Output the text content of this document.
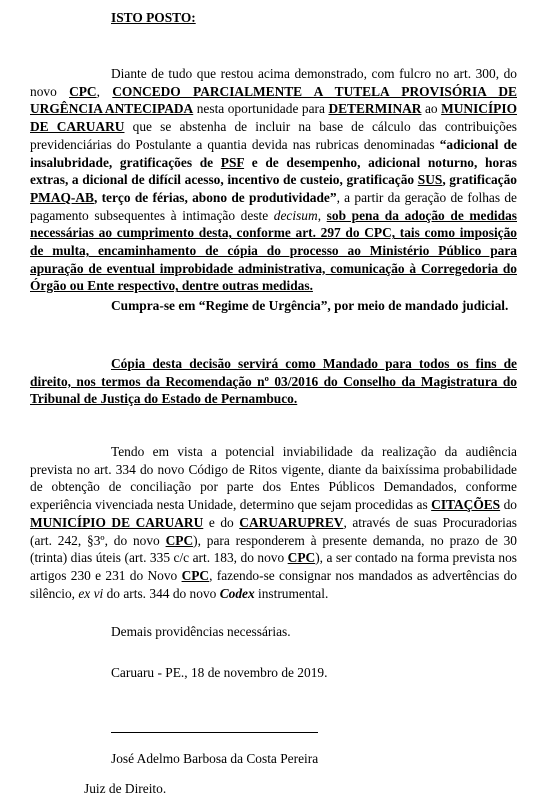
ISTO POSTO:

Diante de tudo que restou acima demonstrado, com fulcro no art. 300, do novo CPC, CONCEDO PARCIALMENTE A TUTELA PROVISÓRIA DE URGÊNCIA ANTECIPADA nesta oportunidade para DETERMINAR ao MUNICÍPIO DE CARUARU que se abstenha de incluir na base de cálculo das contribuições previdenciárias do Postulante a quantia devida nas rubricas denominadas “adicional de insalubridade, gratificações de PSF e de desempenho, adicional noturno, horas extras, a dicional de difícil acesso, incentivo de custeio, gratificação SUS, gratificação PMAQ-AB, terço de férias, abono de produtividade”, a partir da geração de folhas de pagamento subsequentes à intimação deste decisum, sob pena da adoção de medidas necessárias ao cumprimento desta, conforme art. 297 do CPC, tais como imposição de multa, encaminhamento de cópia do processo ao Ministério Público para apuração de eventual improbidade administrativa, comunicação à Corregedoria do Órgão ou Ente respectivo, dentre outras medidas.

Cumpra-se em “Regime de Urgência”, por meio de mandado judicial.

Cópia desta decisão servirá como Mandado para todos os fins de direito, nos termos da Recomendação nº 03/2016 do Conselho da Magistratura do Tribunal de Justiça do Estado de Pernambuco.

Tendo em vista a potencial inviabilidade da realização da audiência prevista no art. 334 do novo Código de Ritos vigente, diante da baixíssima probabilidade de obtenção de conciliação por parte dos Entes Públicos Demandados, conforme experiência vivenciada nesta Unidade, determino que sejam procedidas as CITAÇÕES do MUNICÍPIO DE CARUARU e do CARUARUPREV, através de suas Procuradorias (art. 242, §3º, do novo CPC), para responderem à presente demanda, no prazo de 30 (trinta) dias úteis (art. 335 c/c art. 183, do novo CPC), a ser contado na forma prevista nos artigos 230 e 231 do Novo CPC, fazendo-se consignar nos mandados as advertências do silêncio, ex vi do arts. 344 do novo Codex instrumental.

Demais providências necessárias.

Caruaru - PE., 18 de novembro de 2019.

José Adelmo Barbosa da Costa Pereira

Juiz de Direito.
